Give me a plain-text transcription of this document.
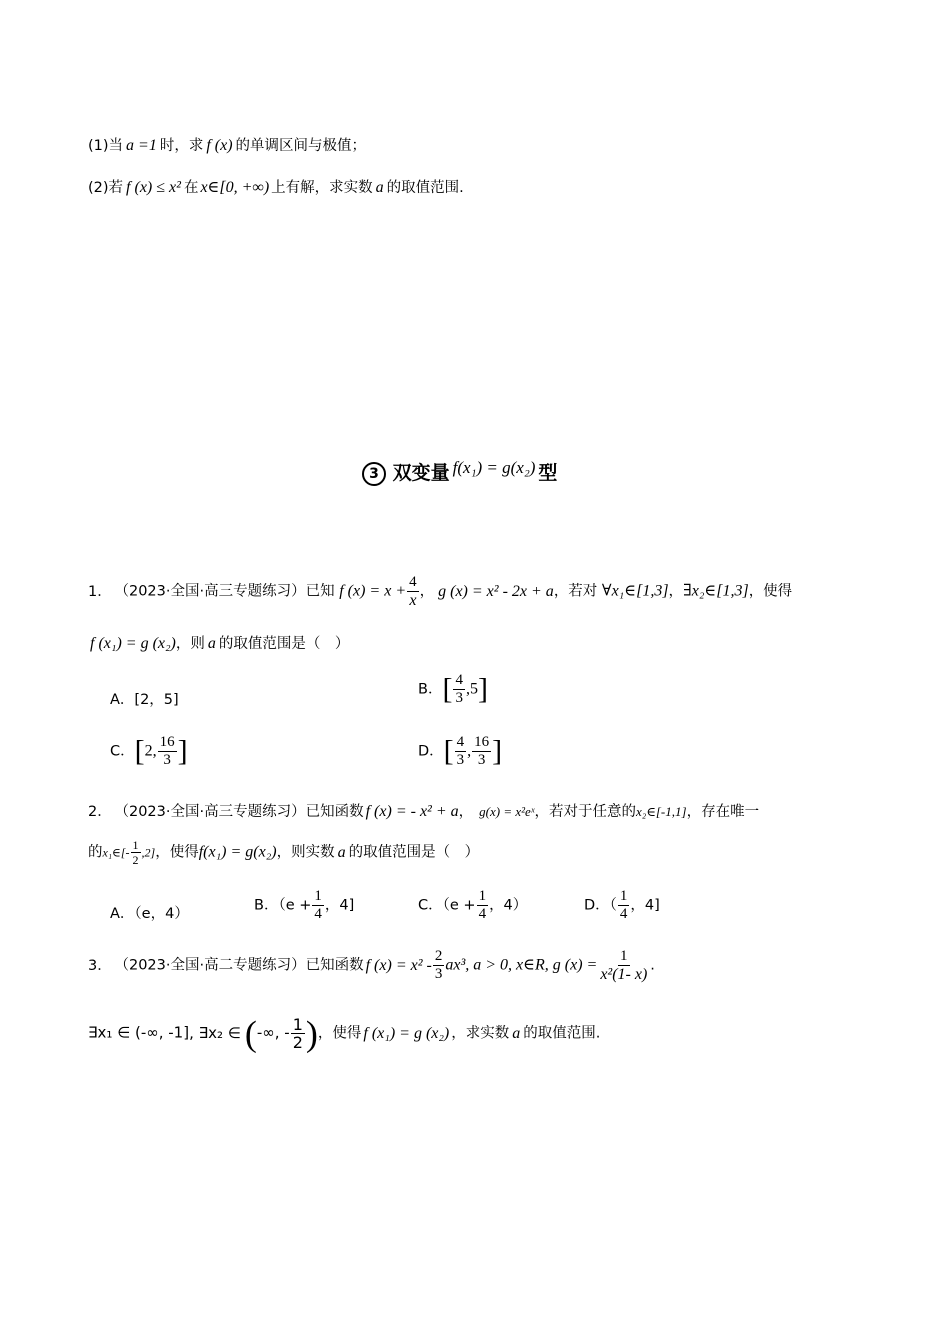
(1)当 a =1 时，求 f (x) 的单调区间与极值；
(2)若 f (x) ≤ x² 在 x∈[0, +∞) 上有解，求实数 a 的取值范围.
3 双变量 f(x₁) = g(x₂) 型
1． （2023·全国·高三专题练习）已知 f $(x) = x + \frac{4}{x}$ ， g (x) = x² - 2x + a，若对 ∀x₁∈[1,3]，∃x₂∈[1,3]，使得
f (x₁) = g (x₂)，则 a 的取值范围是（　）
A．[2，5]
B．[ $\frac{4}{3} ,5$]
C．[2, $\frac{16}{3}$ ]	D．[ $\frac{4}{3}$ , $\frac{16}{3}$ ]
2． （2023·全国·高三专题练习）已知函数 f (x) = - x² + a， g(x) = x²eˣ，若对于任意的x₂∈[-1,1]，存在唯一
的x₁∈[- $\frac{1}{2} ,2$]，使得f(x₁) = g(x₂)，则实数 a 的取值范围是（　）
A．（e，4）
B．（$e + \frac{1}{4}$ ，4]	C．（$e + \frac{1}{4}$ ，4）	D．（ $\frac{1}{4}$ ，4]
3． （2023·全国·高二专题练习）已知函数 f $(x) = x^2 - \frac{2}{3} ax^3$, a > 0, x∈R, g $(x) = \frac{1}{\text{x²(1- x)}}$ .
∃x₁ ∈ (-∞, -1], ∃x₂ ∈ (-∞, - $\frac{1}{2}$ )，使得 f (x₁) = g (x₂) ，求实数 a 的取值范围.
